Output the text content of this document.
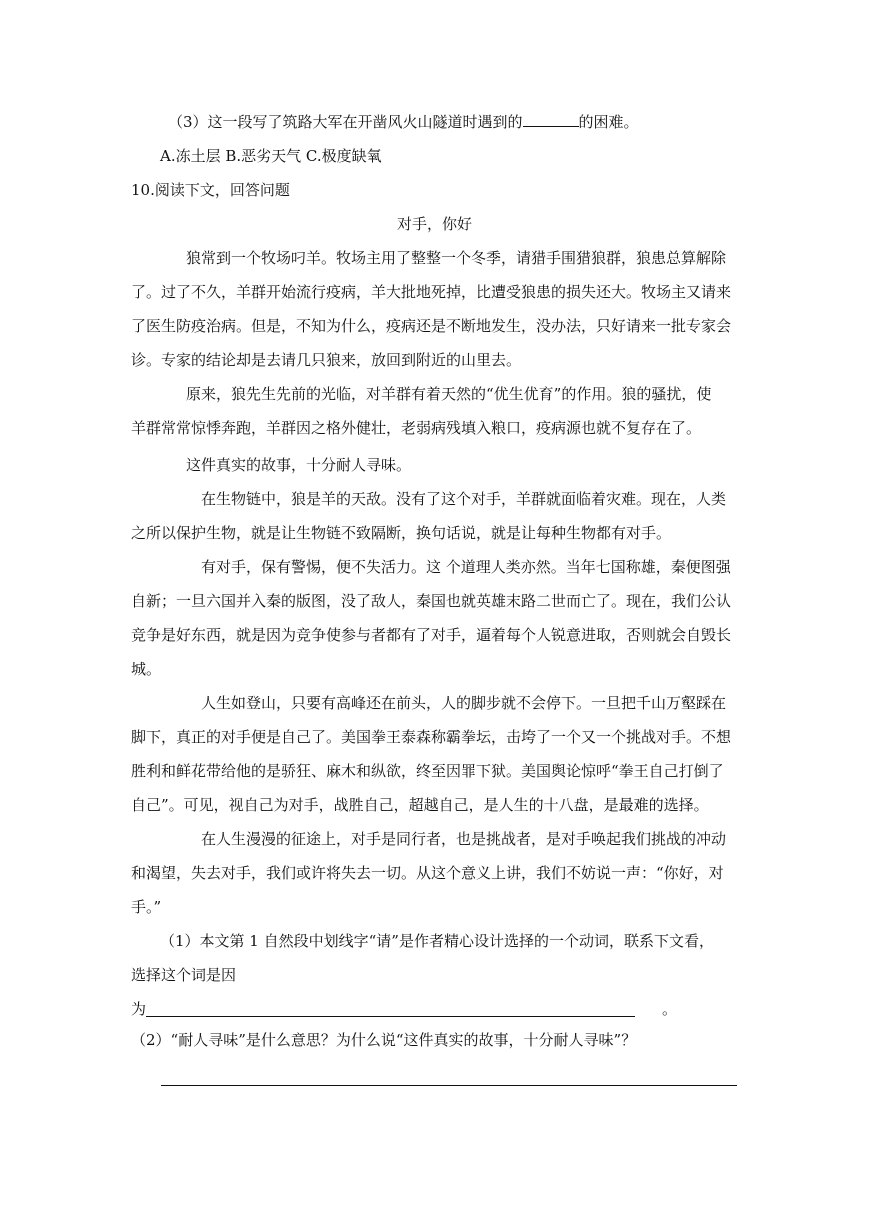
（3）这一段写了筑路大军在开凿风火山隧道时遇到的	的困难。
A.冻土层 B.恶劣天气 C.极度缺氧
10.阅读下文，回答问题
对手，你好
狼常到一个牧场叼羊。牧场主用了整整一个冬季，请猎手围猎狼群，狼患总算解除
了。过了不久，羊群开始流行疫病，羊大批地死掉，比遭受狼患的损失还大。牧场主又请来
了医生防疫治病。但是，不知为什么，疫病还是不断地发生，没办法，只好请来一批专家会
诊。专家的结论却是去请几只狼来，放回到附近的山里去。
原来，狼先生先前的光临，对羊群有着天然的“优生优育”的作用。狼的骚扰，使
羊群常常惊悸奔跑，羊群因之格外健壮，老弱病残填入粮口，疫病源也就不复存在了。
这件真实的故事，十分耐人寻味。
在生物链中，狼是羊的天敌。没有了这个对手，羊群就面临着灾难。现在，人类
之所以保护生物，就是让生物链不致隔断，换句话说，就是让每种生物都有对手。
有对手，保有警惕，便不失活力。这 个道理人类亦然。当年七国称雄，秦便图强
自新；一旦六国并入秦的版图，没了敌人，秦国也就英雄末路二世而亡了。现在，我们公认
竞争是好东西，就是因为竞争使参与者都有了对手，逼着每个人锐意进取，否则就会自毁长
城。
人生如登山，只要有高峰还在前头，人的脚步就不会停下。一旦把千山万壑踩在
脚下，真正的对手便是自己了。美国拳王泰森称霸拳坛，击垮了一个又一个挑战对手。不想
胜利和鲜花带给他的是骄狂、麻木和纵欲，终至因罪下狱。美国舆论惊呼“拳王自己打倒了
自己”。可见，视自己为对手，战胜自己，超越自己，是人生的十八盘，是最难的选择。
在人生漫漫的征途上，对手是同行者，也是挑战者，是对手唤起我们挑战的冲动
和渴望，失去对手，我们或许将失去一切。从这个意义上讲，我们不妨说一声：“你好，对
手。”
（1）本文第 1 自然段中划线字“请”是作者精心设计选择的一个动词，联系下文看，
选择这个词是因
为	。
（2）“耐人寻味”是什么意思？为什么说“这件真实的故事，十分耐人寻味”？
